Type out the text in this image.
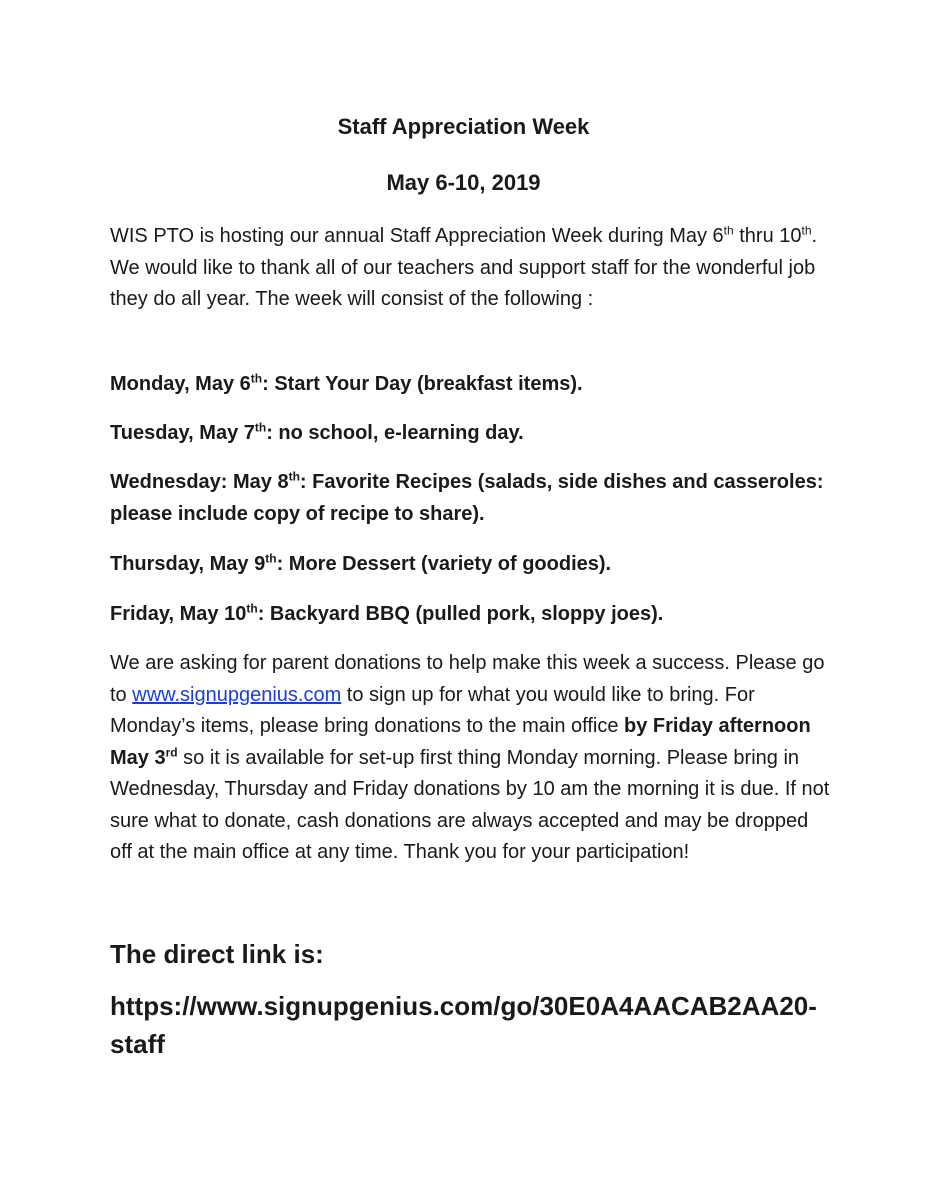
Staff Appreciation Week
May 6-10, 2019

WIS PTO is hosting our annual Staff Appreciation Week during May 6th thru 10th. We would like to thank all of our teachers and support staff for the wonderful job they do all year. The week will consist of the following :

Monday, May 6th: Start Your Day (breakfast items).

Tuesday, May 7th: no school, e-learning day.

Wednesday: May 8th: Favorite Recipes (salads, side dishes and casseroles: please include copy of recipe to share).

Thursday, May 9th: More Dessert (variety of goodies).

Friday, May 10th: Backyard BBQ (pulled pork, sloppy joes).

We are asking for parent donations to help make this week a success. Please go to www.signupgenius.com to sign up for what you would like to bring. For Monday’s items, please bring donations to the main office by Friday afternoon May 3rd so it is available for set-up first thing Monday morning. Please bring in Wednesday, Thursday and Friday donations by 10 am the morning it is due. If not sure what to donate, cash donations are always accepted and may be dropped off at the main office at any time. Thank you for your participation!

The direct link is:
https://www.signupgenius.com/go/30E0A4AACAB2AA20-staff
